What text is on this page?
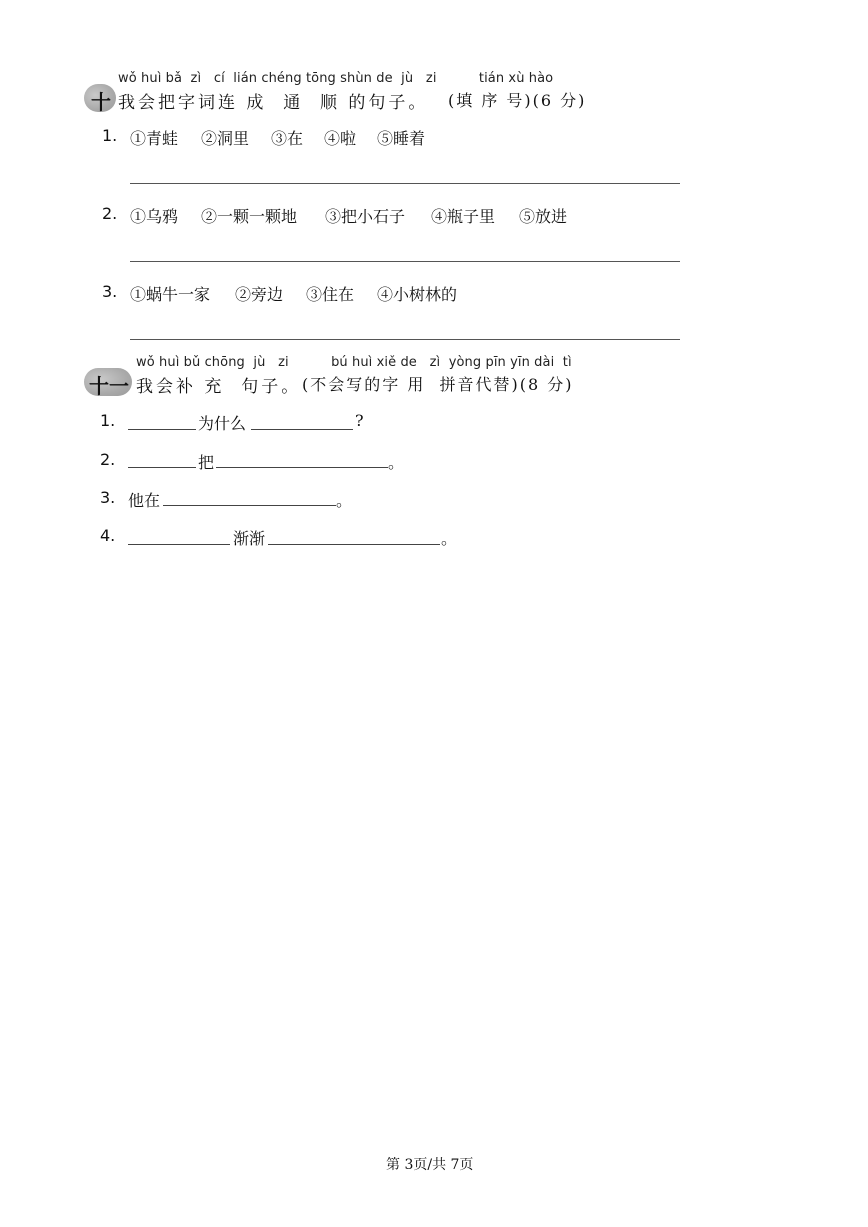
wǒ huì bǎ  zì   cí  lián chéng tōng shùn de  jù   zi          tián xù hào
十 我会把字词连 成  通  顺 的句子。 (填 序 号)(6 分)
1. ①青蛙 ②洞里 ③在 ④啦 ⑤睡着
2. ①乌鸦 ②一颗一颗地 ③把小石子 ④瓶子里 ⑤放进
3. ①蜗牛一家 ②旁边 ③住在 ④小树林的
wǒ huì bǔ chōng  jù   zi          bú huì xiě de   zì  yòng pīn yīn dài  tì
十一 我会补 充  句子。 (不会写的字 用  拼音代替)(8 分)
1.	为什么	?
2.	把	。
3. 他在	。
4.	渐渐	。
第 3页/共 7页
